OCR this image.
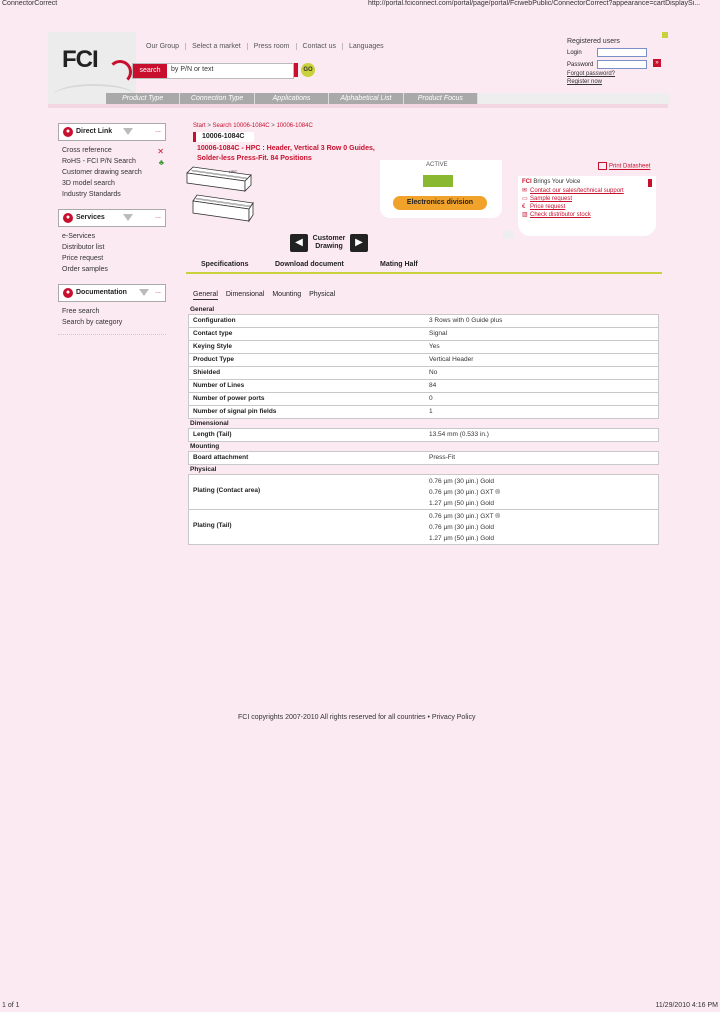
ConnectorCorrect	http://portal.fciconnect.com/portal/page/portal/FciwebPublic/ConnectorCorrect?appearance=cartDisplaySi...
FCI	Our Group	Select a market	Press room	Contact us	Languages
search	by P/N or text	GO
Registered users
Login
Password
Forgot password?
Register now
»
Product Type	Connection Type	Applications	Alphabetical List	Product Focus
● Direct Link	...
Cross reference	✕
RoHS - FCI P/N Search	♣
Customer drawing search
3D model search
Industry Standards
● Services	...
e-Services
Distributor list
Price request
Order samples
● Documentation	...
Free search
Search by category
Start > Search 10006-1084C > 10006-1084C
10006-1084C
10006-1084C - HPC : Header, Vertical 3 Row 0 Guides, Solder-less Press-Fit. 84 Positions
HPC
ACTIVE
Electronics division
Print Datasheet
FCI Brings Your Voice
✉ Contact our sales/technical support
▭ Sample request
€ Price request
▥ Check distributor stock
◀	Customer Drawing	▶
Specifications	Download document	Mating Half
General Dimensional Mounting Physical
General
Configuration	3 Rows with 0 Guide plus
Contact type	Signal
Keying Style	Yes
Product Type	Vertical Header
Shielded	No
Number of Lines	84
Number of power ports	0
Number of signal pin fields	1
Dimensional
Length (Tail)	13.54 mm (0.533 in.)
Mounting
Board attachment	Press-Fit
Physical
Plating (Contact area)
0.76 µm (30 µin.) Gold
0.76 µm (30 µin.) GXT ®
1.27 µm (50 µin.) Gold
Plating (Tail)
0.76 µm (30 µin.) GXT ®
0.76 µm (30 µin.) Gold
1.27 µm (50 µin.) Gold
FCI copyrights 2007-2010 All rights reserved for all countries • Privacy Policy
1 of 1	11/29/2010 4:16 PM
